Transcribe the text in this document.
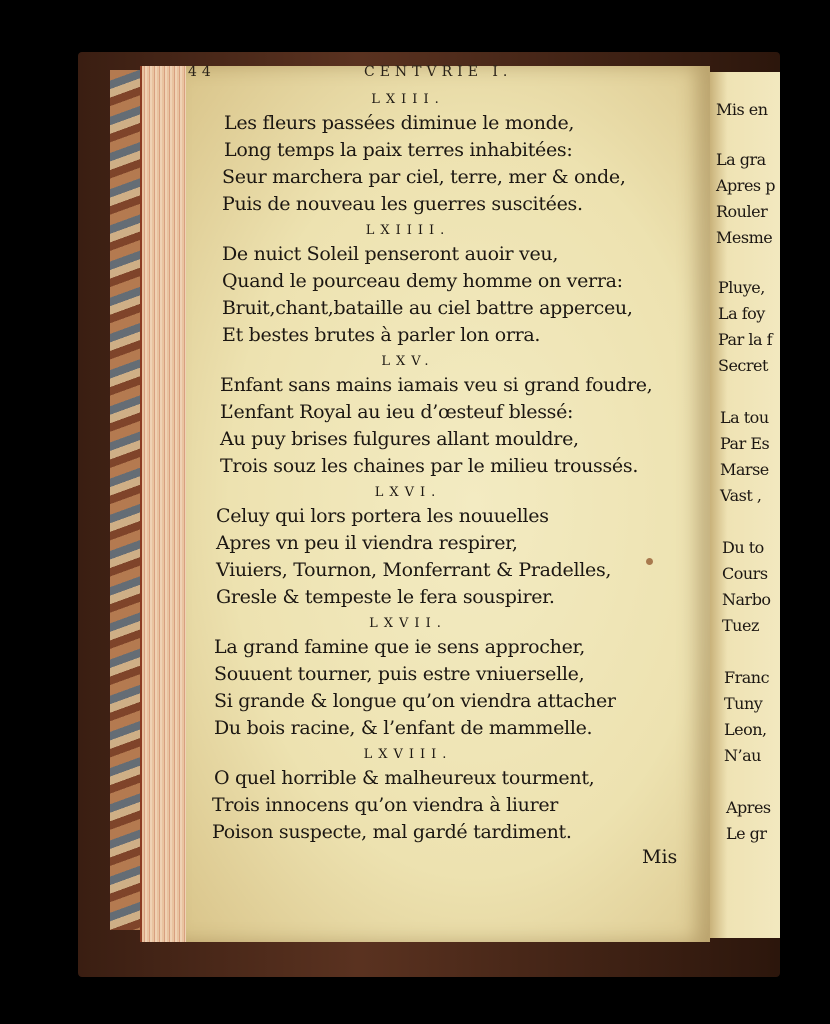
44	CENTVRIE I.
LXIII.
Les fleurs passées diminue le monde,
Long temps la paix terres inhabitées:
Seur marchera par ciel, terre, mer & onde,
Puis de nouveau les guerres suscitées.
LXIIII.
De nuict Soleil penseront auoir veu,
Quand le pourceau demy homme on verra:
Bruit,chant,bataille au ciel battre apperceu,
Et bestes brutes à parler lon orra.
LXV.
Enfant sans mains iamais veu si grand foudre,
L’enfant Royal au ieu d’œsteuf blessé:
Au puy brises fulgures allant mouldre,
Trois souz les chaines par le milieu troussés.
LXVI.
Celuy qui lors portera les nouuelles
Apres vn peu il viendra respirer,
Viuiers, Tournon, Monferrant & Pradelles,
Gresle & tempeste le fera souspirer.
LXVII.
La grand famine que ie sens approcher,
Souuent tourner, puis estre vniuerselle,
Si grande & longue qu’on viendra attacher
Du bois racine, & l’enfant de mammelle.
LXVIII.
O quel horrible & malheureux tourment,
Trois innocens qu’on viendra à liurer
Poison suspecte, mal gardé tardiment.
Mis
Mis en
La gra
Apres p
Rouler
Mesme
Pluye,
La foy
Par la f
Secret
La tou
Par Es
Marse
Vast ,
Du to
Cours
Narbo
Tuez
Franc
Tuny
Leon,
N’au
Apres
Le gr
